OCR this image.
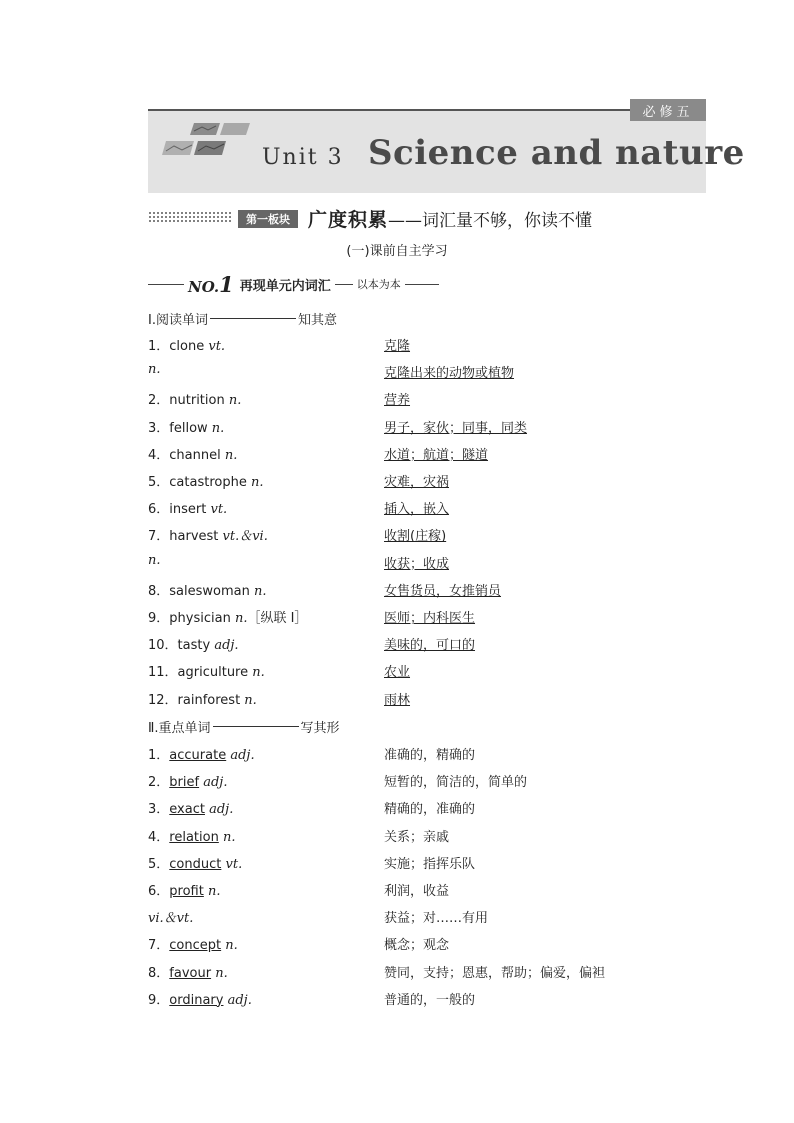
必修五
Unit 3 Science and nature
第一板块 广度积累——词汇量不够，你读不懂
(一)课前自主学习
NO.1 再现单元内词汇 以本为本
Ⅰ.阅读单词	知其意
1．clone vt.	克隆
n.	克隆出来的动物或植物
2．nutrition n.	营养
3．fellow n.	男子，家伙；同事，同类
4．channel n.	水道；航道；隧道
5．catastrophe n.	灾难，灾祸
6．insert vt.	插入，嵌入
7．harvest vt.＆vi.	收割(庄稼)
n.	收获；收成
8．saleswoman n.	女售货员，女推销员
9．physician n.［纵联 Ⅰ］	医师；内科医生
10．tasty adj.	美味的，可口的
11．agriculture n.	农业
12．rainforest n.	雨林
Ⅱ.重点单词	写其形
1．accurate adj.	准确的，精确的
2．brief adj.	短暂的，简洁的，简单的
3．exact adj.	精确的，准确的
4．relation n.	关系；亲戚
5．conduct vt.	实施；指挥乐队
6．profit n.	利润，收益
vi.＆vt.	获益；对……有用
7．concept n.	概念；观念
8．favour n.	赞同，支持；恩惠，帮助；偏爱，偏袒
9．ordinary adj.	普通的，一般的
